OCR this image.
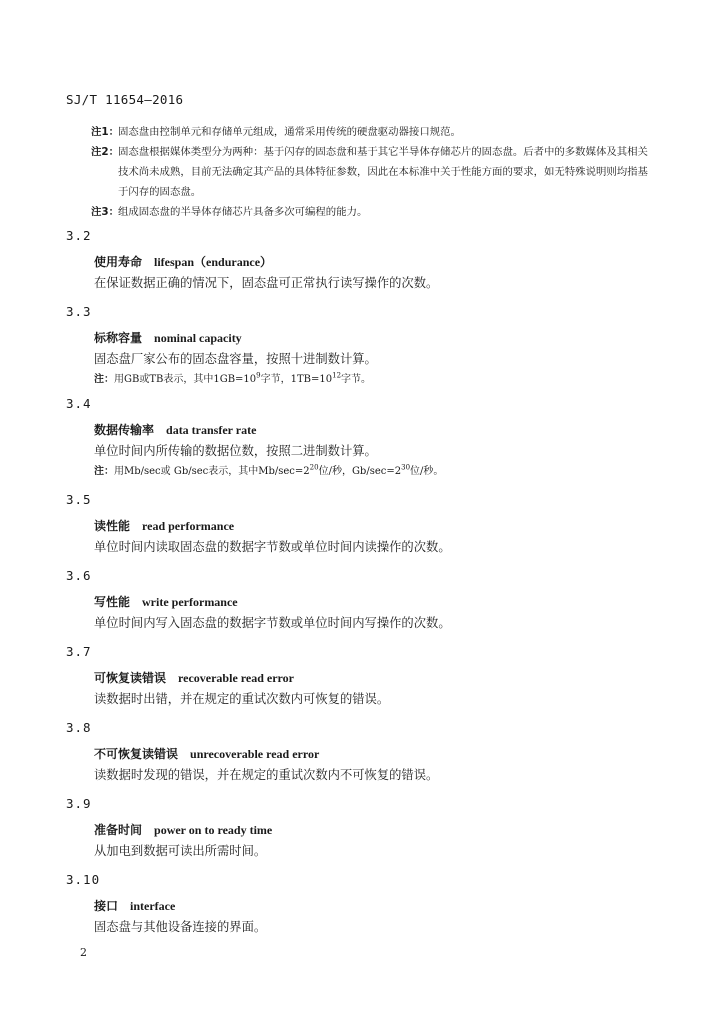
SJ/T 11654—2016
注1：
固态盘由控制单元和存储单元组成，通常采用传统的硬盘驱动器接口规范。
注2：
固态盘根据媒体类型分为两种：基于闪存的固态盘和基于其它半导体存储芯片的固态盘。后者中的多数媒体及其相关技术尚未成熟，目前无法确定其产品的具体特征参数，因此在本标准中关于性能方面的要求，如无特殊说明则均指基于闪存的固态盘。
注3：
组成固态盘的半导体存储芯片具备多次可编程的能力。
3.2
使用寿命 lifespan（endurance）
在保证数据正确的情况下，固态盘可正常执行读写操作的次数。
3.3
标称容量 nominal capacity
固态盘厂家公布的固态盘容量，按照十进制数计算。
注：用GB或TB表示，其中$1GB=10^9$字节，$1TB=10^{12}$字节。
3.4
数据传输率 data transfer rate
单位时间内所传输的数据位数，按照二进制数计算。
注：用Mb/sec或 Gb/sec表示，其中$Mb/\sec=2^{20}$位/秒，$Gb/\sec=2^{30}$位/秒。
3.5
读性能 read performance
单位时间内读取固态盘的数据字节数或单位时间内读操作的次数。
3.6
写性能 write performance
单位时间内写入固态盘的数据字节数或单位时间内写操作的次数。
3.7
可恢复读错误 recoverable read error
读数据时出错，并在规定的重试次数内可恢复的错误。
3.8
不可恢复读错误 unrecoverable read error
读数据时发现的错误，并在规定的重试次数内不可恢复的错误。
3.9
准备时间 power on to ready time
从加电到数据可读出所需时间。
3.10
接口 interface
固态盘与其他设备连接的界面。
2
